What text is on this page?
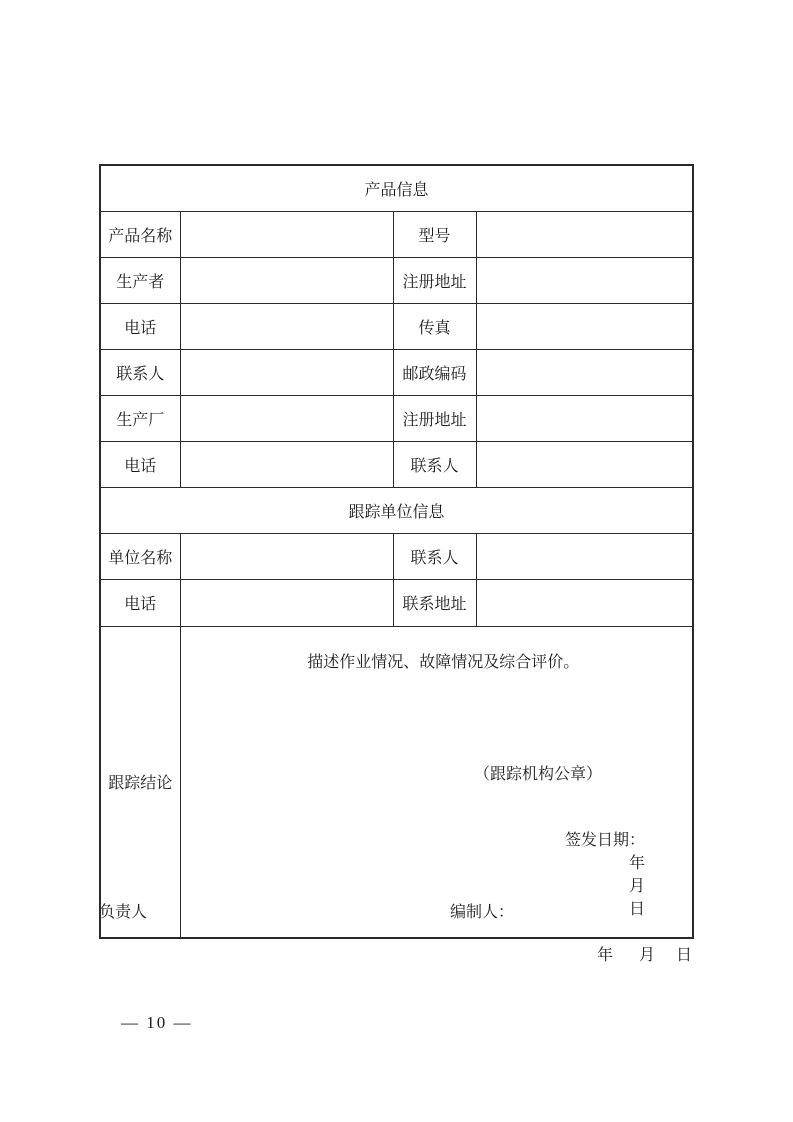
产品信息			
产品名称		型号	
生产者		注册地址	
电话		传真	
联系人		邮政编码	
生产厂		注册地址	
电话		联系人	
跟踪单位信息			
单位名称		联系人	
电话		联系地址	
跟踪结论	
描述作业情况、故障情况及综合评价。
（跟踪机构公章）

签发日期：
年
月
日

负责人	编制人：
年 月 日
— 10 —
